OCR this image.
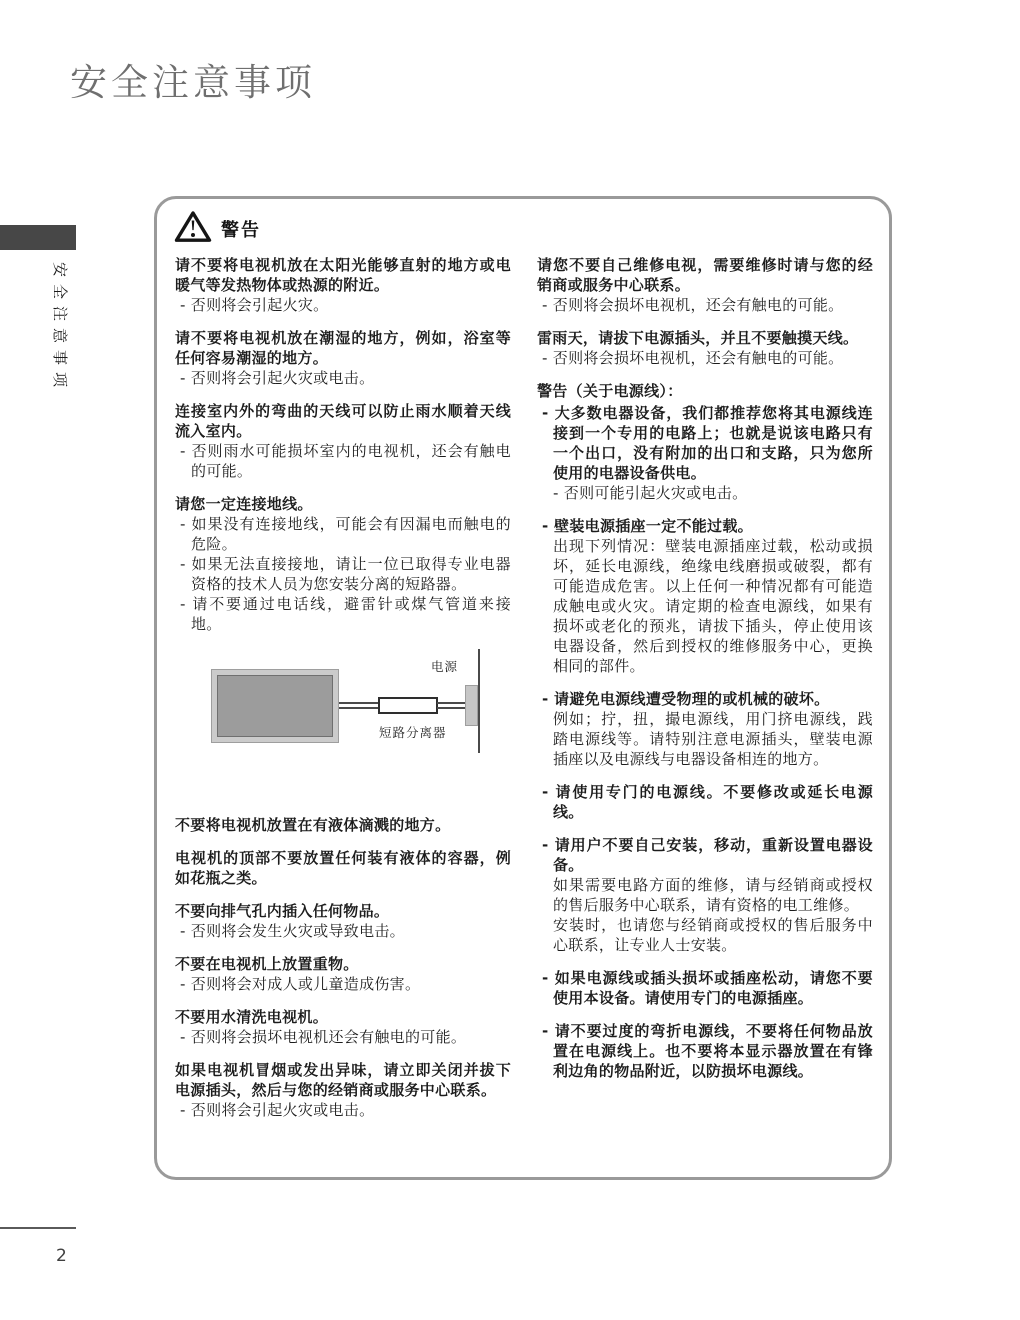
安全注意事项
安全注意事项
警告

请不要将电视机放在太阳光能够直射的地方或电暖气等发热物体或热源的附近。

- 否则将会引起火灾。

请不要将电视机放在潮湿的地方，例如，浴室等任何容易潮湿的地方。

- 否则将会引起火灾或电击。

连接室内外的弯曲的天线可以防止雨水顺着天线流入室内。

- 否则雨水可能损坏室内的电视机，还会有触电的可能。

请您一定连接地线。

- 如果没有连接地线，可能会有因漏电而触电的危险。

- 如果无法直接接地，请让一位已取得专业电器资格的技术人员为您安装分离的短路器。

- 请不要通过电话线，避雷针或煤气管道来接地。

电源
短路分离器

不要将电视机放置在有液体滴溅的地方。

电视机的顶部不要放置任何装有液体的容器，例如花瓶之类。

不要向排气孔内插入任何物品。

- 否则将会发生火灾或导致电击。

不要在电视机上放置重物。

- 否则将会对成人或儿童造成伤害。

不要用水清洗电视机。

- 否则将会损坏电视机还会有触电的可能。

如果电视机冒烟或发出异味，请立即关闭并拔下电源插头，然后与您的经销商或服务中心联系。

- 否则将会引起火灾或电击。

请您不要自己维修电视，需要维修时请与您的经销商或服务中心联系。

- 否则将会损坏电视机，还会有触电的可能。

雷雨天，请拔下电源插头，并且不要触摸天线。

- 否则将会损坏电视机，还会有触电的可能。

警告（关于电源线）：

- 大多数电器设备，我们都推荐您将其电源线连接到一个专用的电路上；也就是说该电路只有一个出口，没有附加的出口和支路，只为您所使用的电器设备供电。

- 否则可能引起火灾或电击。

- 壁装电源插座一定不能过载。

出现下列情况：壁装电源插座过载，松动或损坏，延长电源线，绝缘电线磨损或破裂，都有可能造成危害。以上任何一种情况都有可能造成触电或火灾。请定期的检查电源线，如果有损坏或老化的预兆，请拔下插头，停止使用该电器设备，然后到授权的维修服务中心，更换相同的部件。

- 请避免电源线遭受物理的或机械的破坏。

例如；拧，扭，撮电源线，用门挤电源线，践踏电源线等。请特别注意电源插头，壁装电源插座以及电源线与电器设备相连的地方。

- 请使用专门的电源线。不要修改或延长电源线。

- 请用户不要自己安装，移动，重新设置电器设备。

如果需要电路方面的维修，请与经销商或授权的售后服务中心联系，请有资格的电工维修。

安装时，也请您与经销商或授权的售后服务中心联系，让专业人士安装。

- 如果电源线或插头损坏或插座松动，请您不要使用本设备。请使用专门的电源插座。

- 请不要过度的弯折电源线，不要将任何物品放置在电源线上。也不要将本显示器放置在有锋利边角的物品附近，以防损坏电源线。

2
